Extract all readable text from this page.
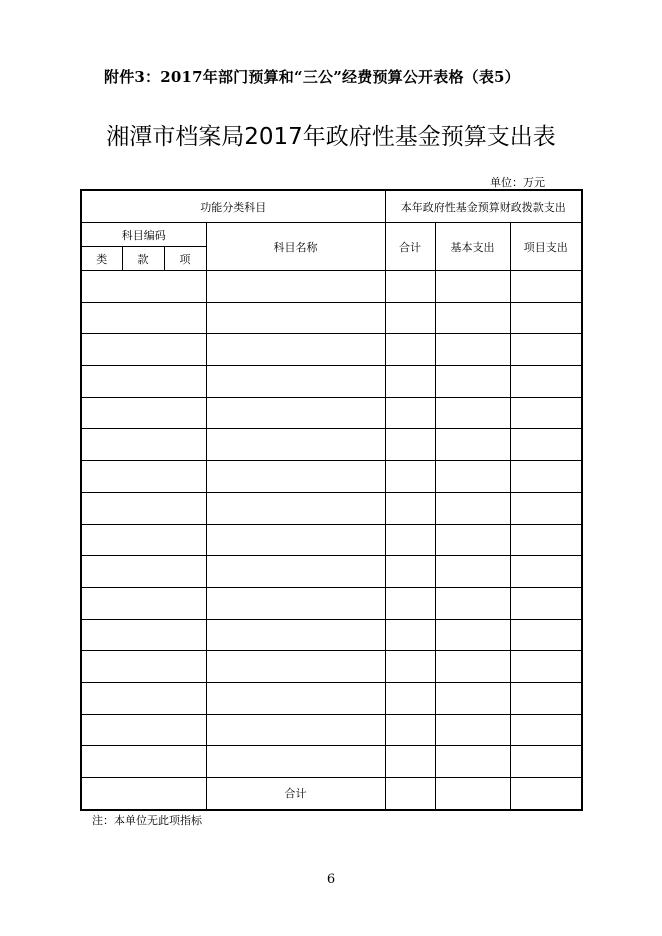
附件3：2017年部门预算和“三公”经费预算公开表格（表5）
湘潭市档案局2017年政府性基金预算支出表
单位：万元
功能分类科目				本年政府性基金预算财政拨款支出		
科目编码			科目名称	合计	基本支出	项目支出
类	款	项				

			合计			
注：本单位无此项指标
6
